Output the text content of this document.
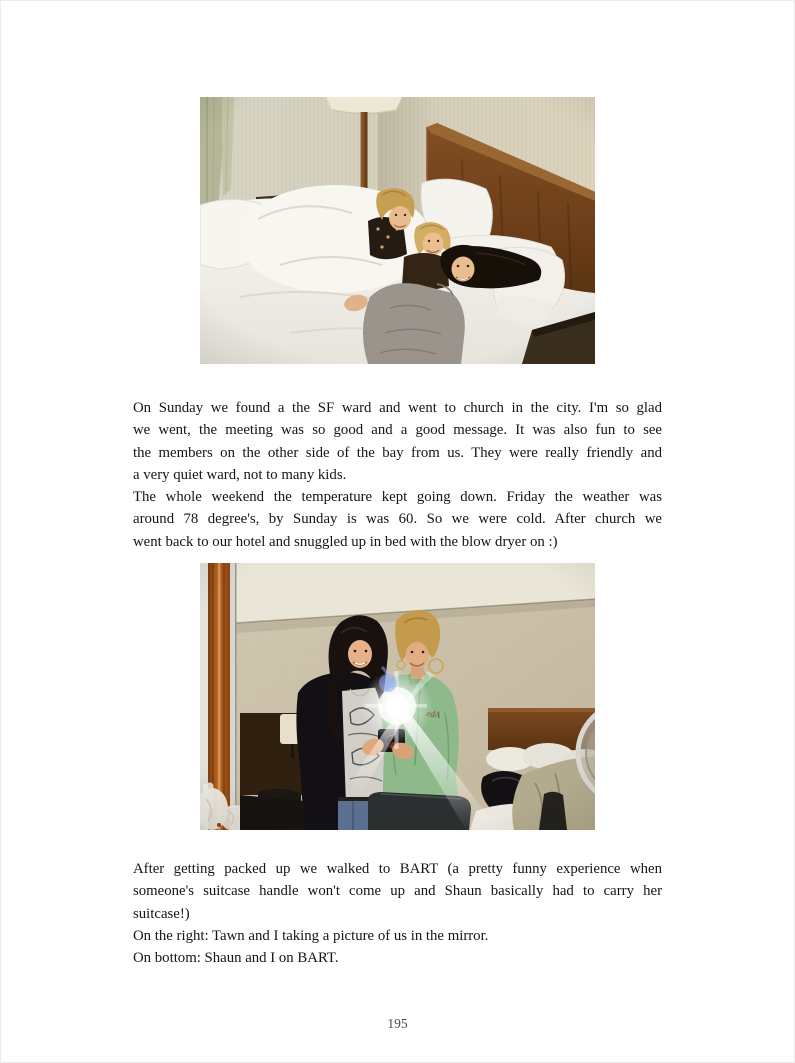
On Sunday we found a the SF ward and went to church in the city. I'm so glad

we went, the meeting was so good and a good message. It was also fun to see

the members on the other side of the bay from us. They were really friendly and

a very quiet ward, not to many kids.

The whole weekend the temperature kept going down. Friday the weather was

around 78 degree's, by Sunday is was 60. So we were cold. After church we

went back to our hotel and snuggled up in bed with the blow dryer on :)

After getting packed up we walked to BART (a pretty funny experience when

someone's suitcase handle won't come up and Shaun basically had to carry her

suitcase!)

On the right: Tawn and I taking a picture of us in the mirror.

On bottom: Shaun and I on BART.

195
